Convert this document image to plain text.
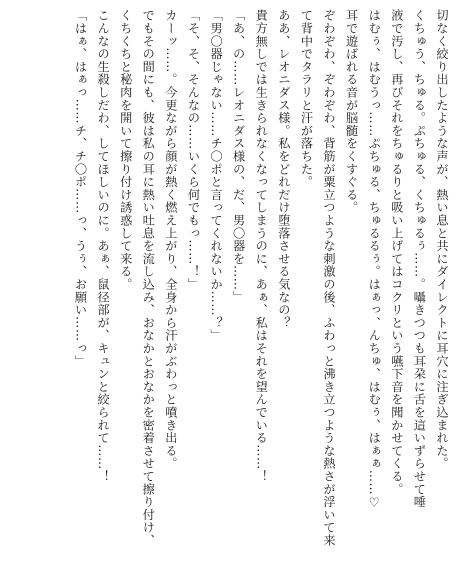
切なく絞り出したような声が、熱い息と共にダイレクトに耳穴に注ぎ込まれた。

くちゅう、ちゅる。ぷちゅる、くちゅるぅ……。囁きつつも耳朶に舌を這いずらせて唾

液で汚し、再びそれをちゅるりと吸い上げてはコクリという嚥下音を聞かせてくる。

はむぅ、はむうっ……ぷちゅる、ちゅるるぅ。はぁっ、んちゅ、はむぅ、はぁぁ……♡

耳で遊ばれる音が脳髄をくすぐる。

ぞわぞわ、ぞわぞわ、背筋が粟立つような刺激の後、ふわっと沸き立つような熱さが浮いて来

て背中でタラリと汗が落ちた。

ああ、レオニダス様。私をどれだけ堕落させる気なの？

貴方無しでは生きられなくなってしまうのに、あぁ、私はそれを望んでいる……！

「あ、の……レオニダス様の、だ、男〇器を……」

「男〇器じゃない……チ〇ポと言ってくれないか……？」

「そ、そ、そんなの……いくら何でもっ……！」

カーッ……。今更ながら顔が熱く燃え上がり、全身から汗がぶわっと噴き出る。

でもその間にも、彼は私の耳に熱い吐息を流し込み、おなかとおなかを密着させて擦り付け、

くちくちと秘肉を開いて擦り付け誘惑して来る。

こんなの生殺しだわ、してほしいのに。あぁ、鼠径部が、キュンと絞られて……！

「はぁ、はぁっ……チ、チ〇ポ……っ、うぅ、お願い……っ」
